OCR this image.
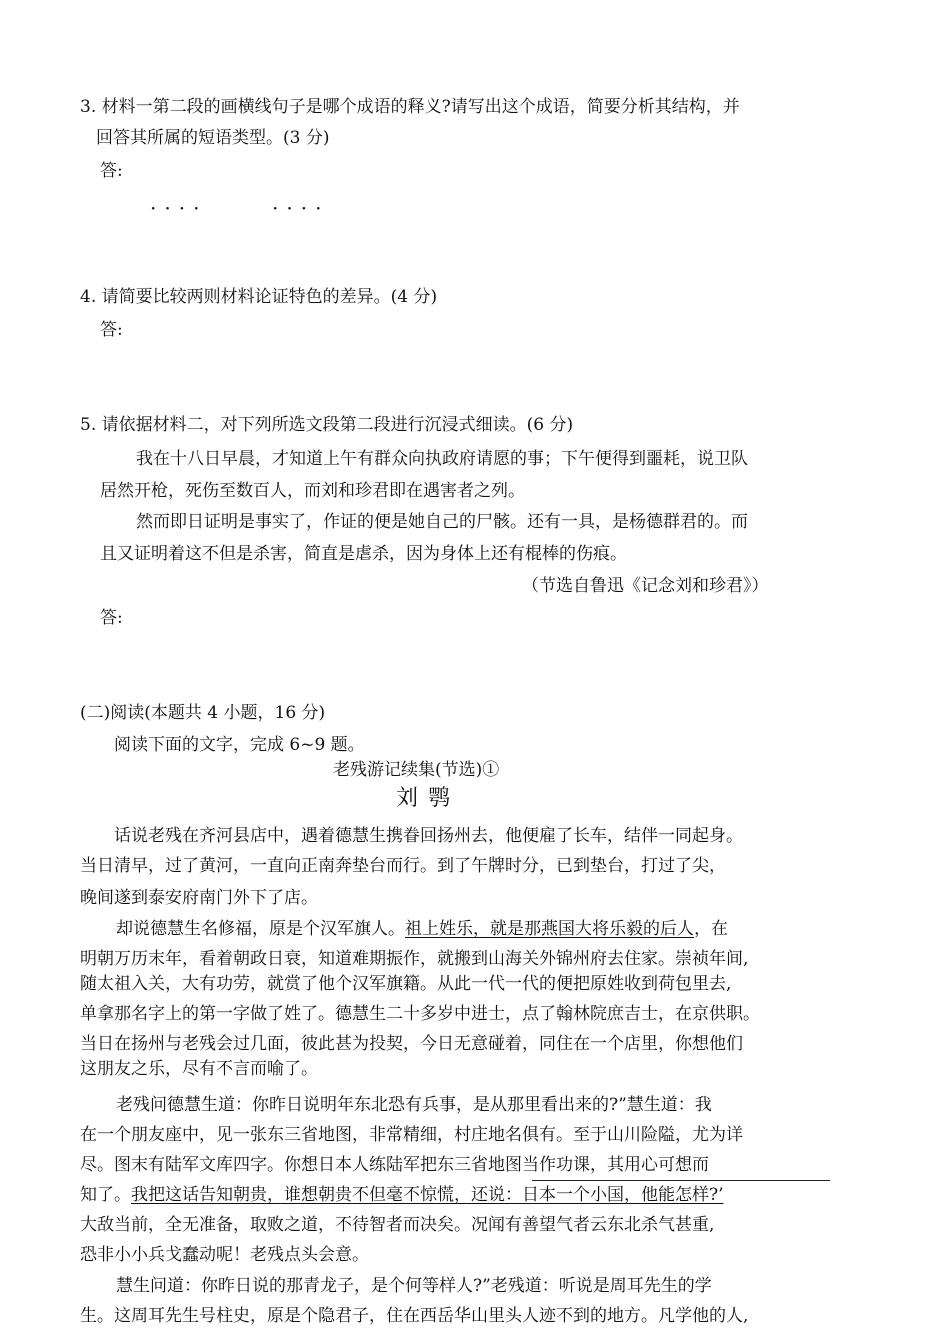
3. 材料一第二段的画横线句子是哪个成语的释义?请写出这个成语，简要分析其结构，并
回答其所属的短语类型。(3 分)
答:
····	····
4. 请简要比较两则材料论证特色的差异。(4 分)
答:
5. 请依据材料二，对下列所选文段第二段进行沉浸式细读。(6 分)
我在十八日早晨，才知道上午有群众向执政府请愿的事；下午便得到噩耗，说卫队
居然开枪，死伤至数百人，而刘和珍君即在遇害者之列。
然而即日证明是事实了，作证的便是她自己的尸骸。还有一具，是杨德群君的。而
且又证明着这不但是杀害，简直是虐杀，因为身体上还有棍棒的伤痕。
（节选自鲁迅《记念刘和珍君》）
答:
(二)阅读(本题共 4 小题，16 分)
阅读下面的文字，完成 6~9 题。
老残游记续集(节选)①
刘鹗
话说老残在齐河县店中，遇着德慧生携眷回扬州去，他便雇了长车，结伴一同起身。
当日清早，过了黄河，一直向正南奔垫台而行。到了午牌时分，已到垫台，打过了尖，
晚间遂到泰安府南门外下了店。
却说德慧生名修福，原是个汉军旗人。祖上姓乐，就是那燕国大将乐毅的后人，在
明朝万历末年，看着朝政日衰，知道难期振作，就搬到山海关外锦州府去住家。崇祯年间,
随太祖入关，大有功劳，就赏了他个汉军旗籍。从此一代一代的便把原姓收到荷包里去,
单拿那名字上的第一字做了姓了。德慧生二十多岁中进士，点了翰林院庶吉士，在京供职。
当日在扬州与老残会过几面，彼此甚为投契，今日无意碰着，同住在一个店里，你想他们
这朋友之乐，尽有不言而喻了。
老残问德慧生道：你昨日说明年东北恐有兵事，是从那里看出来的?”慧生道：我
在一个朋友座中，见一张东三省地图，非常精细，村庄地名俱有。至于山川险隘，尤为详
尽。图末有陆军文库四字。你想日本人练陆军把东三省地图当作功课，其用心可想而
知了。我把这话告知朝贵，谁想朝贵不但毫不惊慌，还说：日本一个小国，他能怎样?’
大敌当前，全无准备，取败之道，不待智者而决矣。况闻有善望气者云东北杀气甚重,
恐非小小兵戈蠢动呢！老残点头会意。
慧生问道：你昨日说的那青龙子，是个何等样人?”老残道：听说是周耳先生的学
生。这周耳先生号柱史，原是个隐君子，住在西岳华山里头人迹不到的地方。凡学他的人,
